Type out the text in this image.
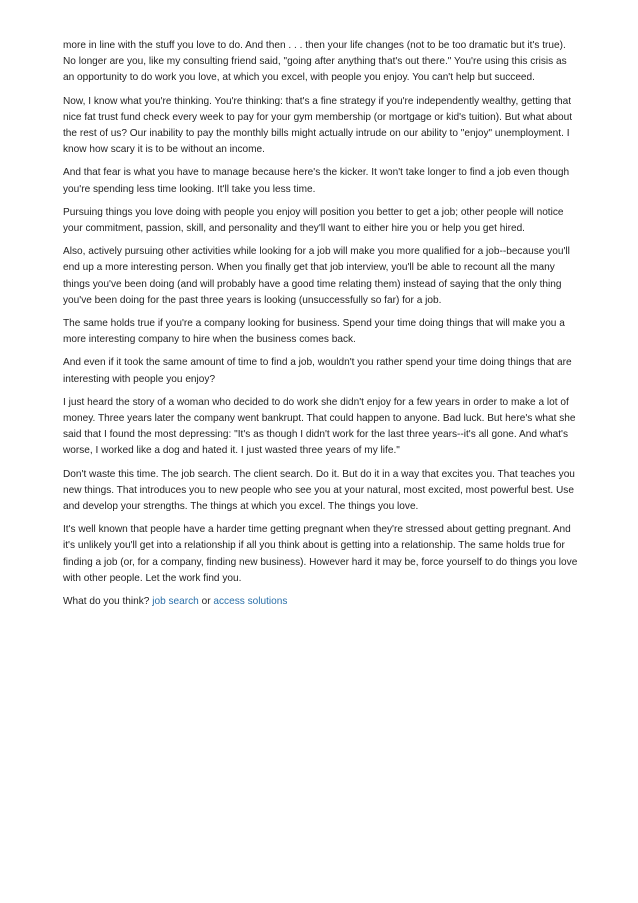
more in line with the stuff you love to do. And then . . . then your life changes (not to be too dramatic but it's true). No longer are you, like my consulting friend said, "going after anything that's out there." You're using this crisis as an opportunity to do work you love, at which you excel, with people you enjoy. You can't help but succeed.

Now, I know what you're thinking. You're thinking: that's a fine strategy if you're independently wealthy, getting that nice fat trust fund check every week to pay for your gym membership (or mortgage or kid's tuition). But what about the rest of us? Our inability to pay the monthly bills might actually intrude on our ability to "enjoy" unemployment. I know how scary it is to be without an income.

And that fear is what you have to manage because here's the kicker. It won't take longer to find a job even though you're spending less time looking. It'll take you less time.

Pursuing things you love doing with people you enjoy will position you better to get a job; other people will notice your commitment, passion, skill, and personality and they'll want to either hire you or help you get hired.

Also, actively pursuing other activities while looking for a job will make you more qualified for a job--because you'll end up a more interesting person. When you finally get that job interview, you'll be able to recount all the many things you've been doing (and will probably have a good time relating them) instead of saying that the only thing you've been doing for the past three years is looking (unsuccessfully so far) for a job.

The same holds true if you're a company looking for business. Spend your time doing things that will make you a more interesting company to hire when the business comes back.

And even if it took the same amount of time to find a job, wouldn't you rather spend your time doing things that are interesting with people you enjoy?

I just heard the story of a woman who decided to do work she didn't enjoy for a few years in order to make a lot of money. Three years later the company went bankrupt. That could happen to anyone. Bad luck. But here's what she said that I found the most depressing: "It's as though I didn't work for the last three years--it's all gone. And what's worse, I worked like a dog and hated it. I just wasted three years of my life."

Don't waste this time. The job search. The client search. Do it. But do it in a way that excites you. That teaches you new things. That introduces you to new people who see you at your natural, most excited, most powerful best. Use and develop your strengths. The things at which you excel. The things you love.

It's well known that people have a harder time getting pregnant when they're stressed about getting pregnant. And it's unlikely you'll get into a relationship if all you think about is getting into a relationship. The same holds true for finding a job (or, for a company, finding new business). However hard it may be, force yourself to do things you love with other people. Let the work find you.

What do you think? job search or access solutions
